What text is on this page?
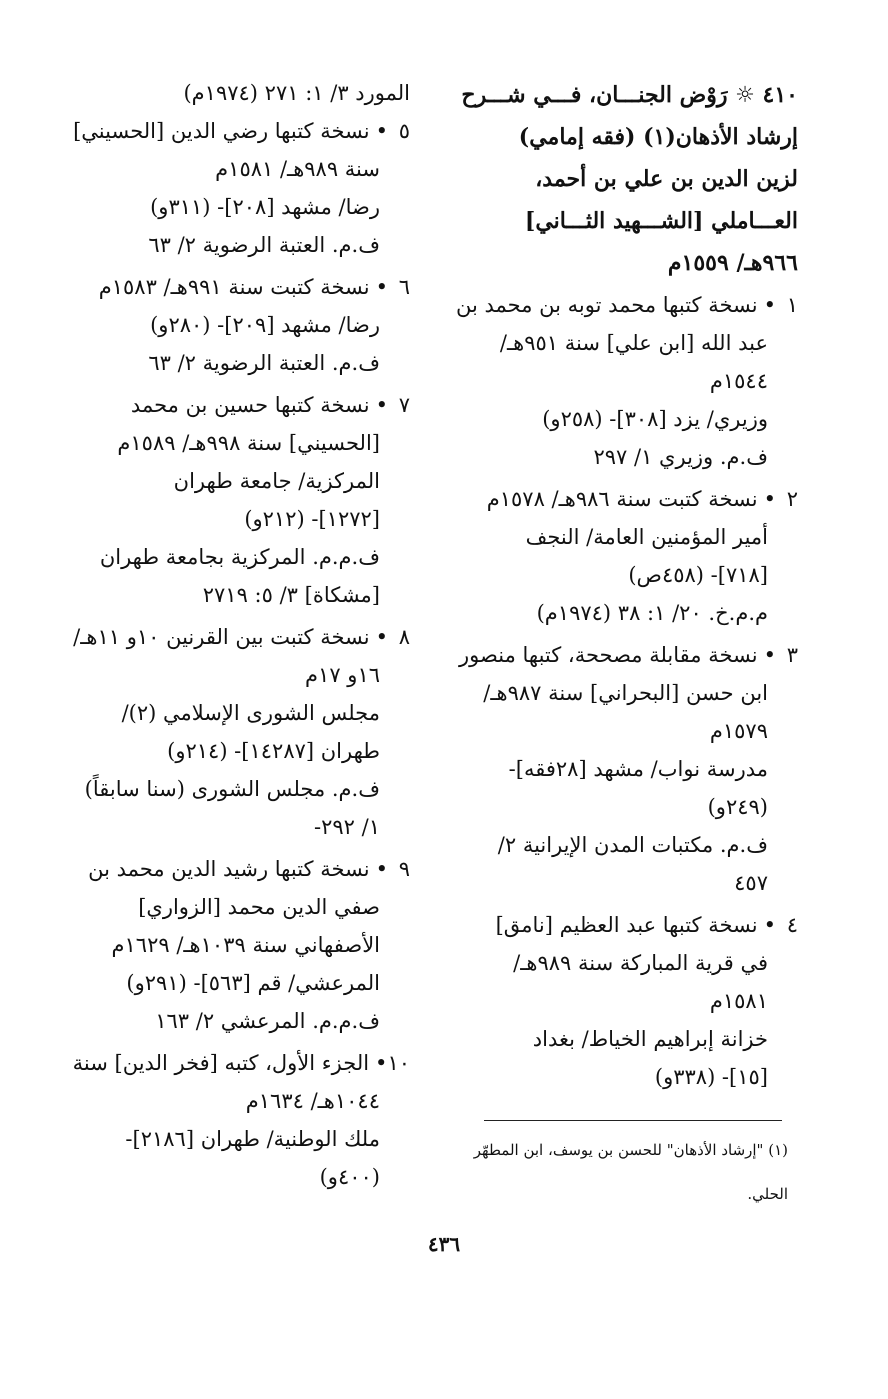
٤١٠ ☼ رَوْض الجنـــان، فـــي شـــرح
إرشاد الأذهان(١) (فقه إمامي)
لزين الدين بن علي بن أحمد،
العـــاملي [الشـــهيد الثـــاني]
٩٦٦هـ/ ١٥٥٩م
١•نسخة كتبها محمد توبه بن محمد بن
عبد الله [ابن علي] سنة ٩٥١هـ/
١٥٤٤م
وزيري/ يزد [٣٠٨]- (٢٥٨و)
ف.م. وزيري ١/ ٢٩٧
٢•نسخة كتبت سنة ٩٨٦هـ/ ١٥٧٨م
أمير المؤمنين العامة/ النجف
[٧١٨]- (٤٥٨ص)
م.م.خ. ٢٠/ ١: ٣٨ (١٩٧٤م)
٣•نسخة مقابلة مصححة، كتبها منصور
ابن حسن [البحراني] سنة ٩٨٧هـ/
١٥٧٩م
مدرسة نواب/ مشهد [٢٨فقه]-
(٢٤٩و)
ف.م. مكتبات المدن الإيرانية ٢/
٤٥٧
٤•نسخة كتبها عبد العظيم [نامق]
في قرية المباركة سنة ٩٨٩هـ/
١٥٨١م
خزانة إبراهيم الخياط/ بغداد
[١٥]- (٣٣٨و)
المورد ٣/ ١: ٢٧١ (١٩٧٤م)
٥•نسخة كتبها رضي الدين [الحسيني]
سنة ٩٨٩هـ/ ١٥٨١م
رضا/ مشهد [٢٠٨]- (٣١١و)
ف.م. العتبة الرضوية ٢/ ٦٣
٦•نسخة كتبت سنة ٩٩١هـ/ ١٥٨٣م
رضا/ مشهد [٢٠٩]- (٢٨٠و)
ف.م. العتبة الرضوية ٢/ ٦٣
٧•نسخة كتبها حسين بن محمد
[الحسيني] سنة ٩٩٨هـ/ ١٥٨٩م
المركزية/ جامعة طهران
[١٢٧٢]- (٢١٢و)
ف.م.م. المركزية بجامعة طهران
[مشكاة] ٣/ ٥: ٢٧١٩
٨•نسخة كتبت بين القرنين ١٠و ١١هـ/
١٦و ١٧م
مجلس الشورى الإسلامي (٢)/
طهران [١٤٢٨٧]- (٢١٤و)
ف.م. مجلس الشورى (سنا سابقاً)
١/ ٢٩٢-
٩•نسخة كتبها رشيد الدين محمد بن
صفي الدين محمد [الزواري]
الأصفهاني سنة ١٠٣٩هـ/ ١٦٢٩م
المرعشي/ قم [٥٦٣]- (٢٩١و)
ف.م.م. المرعشي ٢/ ١٦٣
١٠•الجزء الأول، كتبه [فخر الدين] سنة
١٠٤٤هـ/ ١٦٣٤م
ملك الوطنية/ طهران [٢١٨٦]-
(٤٠٠و)
(١) "إرشاد الأذهان" للحسن بن يوسف، ابن المطهّر
الحلي.
٤٣٦
